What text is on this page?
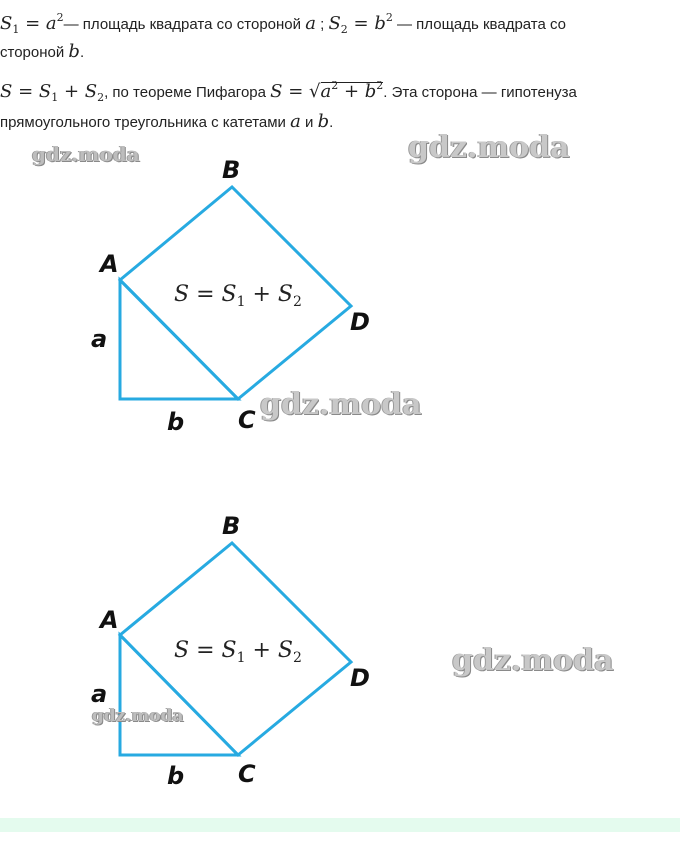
$S_1$ = $a^2—$ площадь квадрата со стороной a ; $S_2 = b^2$ — площадь квадрата со
стороной b.
$S = S_1 + S_2$, по теореме Пифагора $S = √a^2 + b^2$. Эта сторона — гипотенуза
прямоугольного треугольника с катетами a и b.
B
A
D
C
a
b
S = S1 + S2
B
A
D
C
a
b
S = S1 + S2
gdz.moda	gdz.moda
gdz.moda
gdz.moda
gdz.moda
